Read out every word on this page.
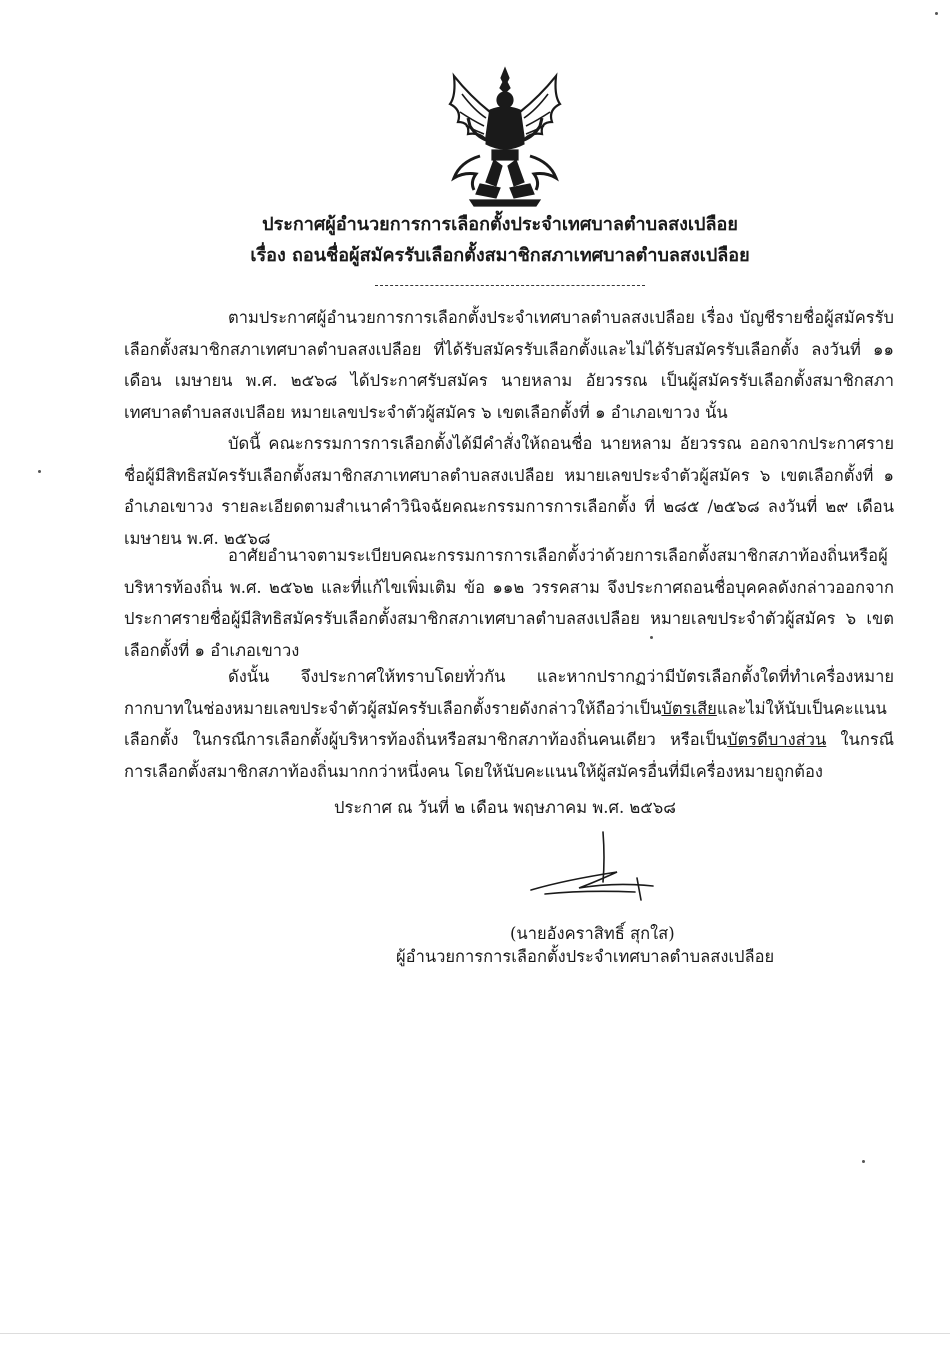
ประกาศผู้อำนวยการการเลือกตั้งประจำเทศบาลตำบลสงเปลือย
เรื่อง ถอนชื่อผู้สมัครรับเลือกตั้งสมาชิกสภาเทศบาลตำบลสงเปลือย

ตามประกาศผู้อำนวยการการเลือกตั้งประจำเทศบาลตำบลสงเปลือย เรื่อง บัญชีรายชื่อผู้สมัครรับเลือกตั้งสมาชิกสภาเทศบาลตำบลสงเปลือย ที่ได้รับสมัครรับเลือกตั้งและไม่ได้รับสมัครรับเลือกตั้ง ลงวันที่ ๑๑ เดือน เมษายน พ.ศ. ๒๕๖๘ ได้ประกาศรับสมัคร นายหลาม อัยวรรณ เป็นผู้สมัครรับเลือกตั้งสมาชิกสภาเทศบาลตำบลสงเปลือย หมายเลขประจำตัวผู้สมัคร ๖ เขตเลือกตั้งที่ ๑ อำเภอเขาวง นั้น

บัดนี้ คณะกรรมการการเลือกตั้งได้มีคำสั่งให้ถอนชื่อ นายหลาม อัยวรรณ ออกจากประกาศรายชื่อผู้มีสิทธิสมัครรับเลือกตั้งสมาชิกสภาเทศบาลตำบลสงเปลือย หมายเลขประจำตัวผู้สมัคร ๖ เขตเลือกตั้งที่ ๑ อำเภอเขาวง รายละเอียดตามสำเนาคำวินิจฉัยคณะกรรมการการเลือกตั้ง ที่ ๒๘๕ /๒๕๖๘ ลงวันที่ ๒๙ เดือน เมษายน พ.ศ. ๒๕๖๘

อาศัยอำนาจตามระเบียบคณะกรรมการการเลือกตั้งว่าด้วยการเลือกตั้งสมาชิกสภาท้องถิ่นหรือผู้บริหารท้องถิ่น พ.ศ. ๒๕๖๒ และที่แก้ไขเพิ่มเติม ข้อ ๑๑๒ วรรคสาม จึงประกาศถอนชื่อบุคคลดังกล่าวออกจากประกาศรายชื่อผู้มีสิทธิสมัครรับเลือกตั้งสมาชิกสภาเทศบาลตำบลสงเปลือย หมายเลขประจำตัวผู้สมัคร ๖ เขตเลือกตั้งที่ ๑ อำเภอเขาวง

ดังนั้น จึงประกาศให้ทราบโดยทั่วกัน และหากปรากฏว่ามีบัตรเลือกตั้งใดที่ทำเครื่องหมายกากบาทในช่องหมายเลขประจำตัวผู้สมัครรับเลือกตั้งรายดังกล่าวให้ถือว่าเป็นบัตรเสียและไม่ให้นับเป็นคะแนนเลือกตั้ง ในกรณีการเลือกตั้งผู้บริหารท้องถิ่นหรือสมาชิกสภาท้องถิ่นคนเดียว หรือเป็นบัตรดีบางส่วน ในกรณีการเลือกตั้งสมาชิกสภาท้องถิ่นมากกว่าหนึ่งคน โดยให้นับคะแนนให้ผู้สมัครอื่นที่มีเครื่องหมายถูกต้อง

ประกาศ ณ วันที่ ๒ เดือน พฤษภาคม พ.ศ. ๒๕๖๘
(นายอังคราสิทธิ์ สุกใส)
ผู้อำนวยการการเลือกตั้งประจำเทศบาลตำบลสงเปลือย
